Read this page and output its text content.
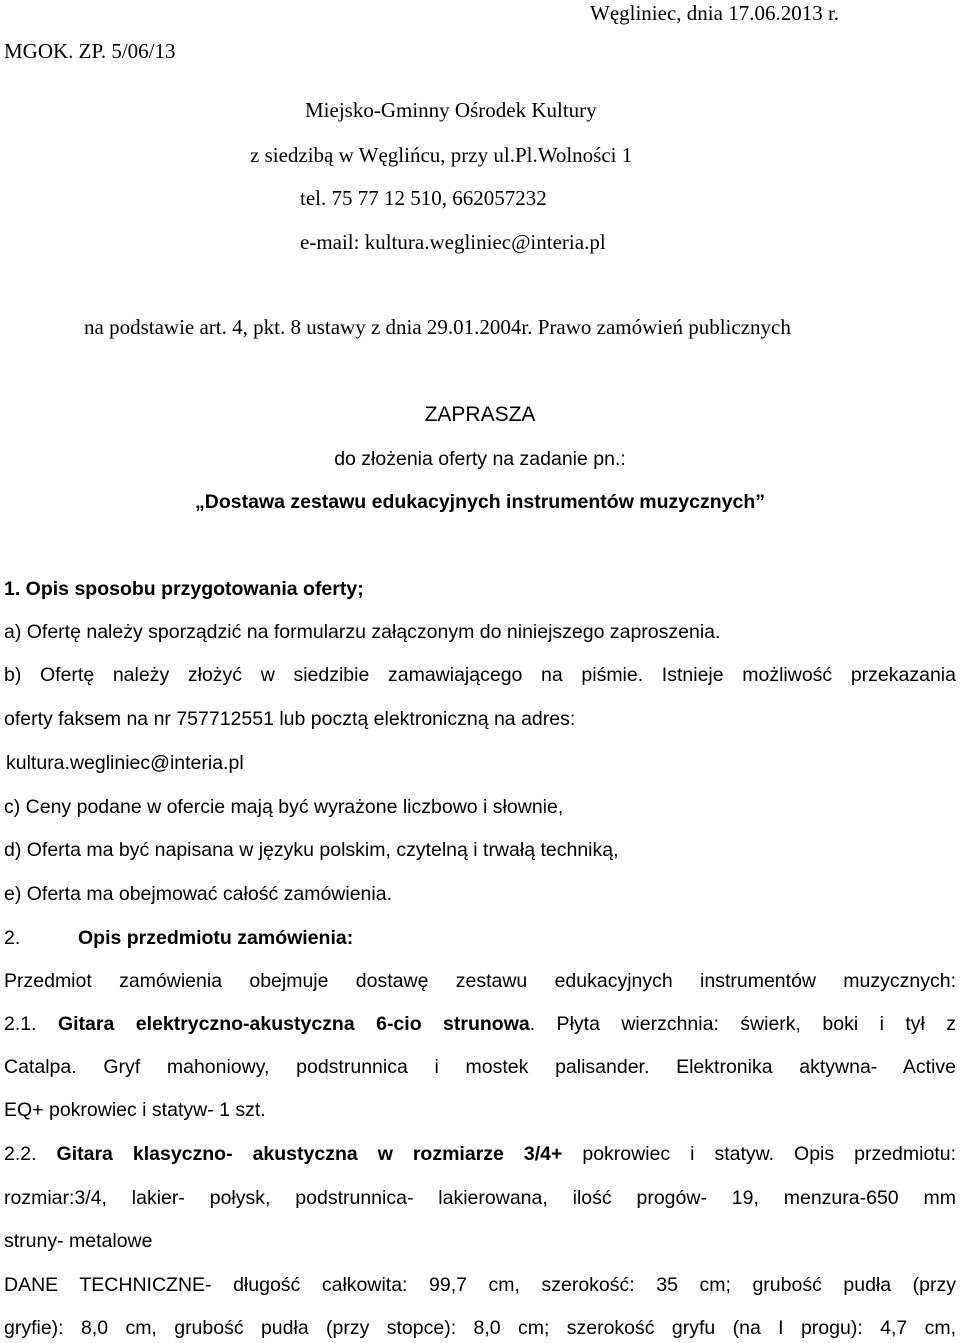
Węgliniec, dnia 17.06.2013 r.
MGOK. ZP. 5/06/13
Miejsko-Gminny Ośrodek Kultury
z siedzibą w Węglińcu, przy ul.Pl.Wolności 1
tel. 75 77 12 510, 662057232
e-mail: kultura.wegliniec@interia.pl
na podstawie art. 4, pkt. 8 ustawy z dnia 29.01.2004r. Prawo zamówień publicznych
ZAPRASZA
do złożenia oferty na zadanie pn.:
„Dostawa zestawu edukacyjnych instrumentów muzycznych”
1. Opis sposobu przygotowania oferty;
a) Ofertę należy sporządzić na formularzu załączonym do niniejszego zaproszenia.
b) Ofertę należy złożyć w siedzibie zamawiającego na piśmie. Istnieje możliwość przekazania
oferty faksem na nr 757712551 lub pocztą elektroniczną na adres:
kultura.wegliniec@interia.pl
c) Ceny podane w ofercie mają być wyrażone liczbowo i słownie,
d) Oferta ma być napisana w języku polskim, czytelną i trwałą techniką,
e) Oferta ma obejmować całość zamówienia.
2.	Opis przedmiotu zamówienia:
Przedmiot zamówienia obejmuje dostawę zestawu edukacyjnych instrumentów muzycznych:
2.1. Gitara elektryczno-akustyczna 6-cio strunowa. Płyta wierzchnia: świerk, boki i tył z
Catalpa. Gryf mahoniowy, podstrunnica i mostek palisander. Elektronika aktywna- Active
EQ+ pokrowiec i statyw- 1 szt.
2.2. Gitara klasyczno- akustyczna w rozmiarze 3/4+ pokrowiec i statyw. Opis przedmiotu:
rozmiar:3/4, lakier- połysk, podstrunnica- lakierowana, ilość progów- 19, menzura-650 mm
struny- metalowe
DANE TECHNICZNE- długość całkowita: 99,7 cm, szerokość: 35 cm; grubość pudła (przy
gryfie): 8,0 cm, grubość pudła (przy stopce): 8,0 cm; szerokość gryfu (na I progu): 4,7 cm,
